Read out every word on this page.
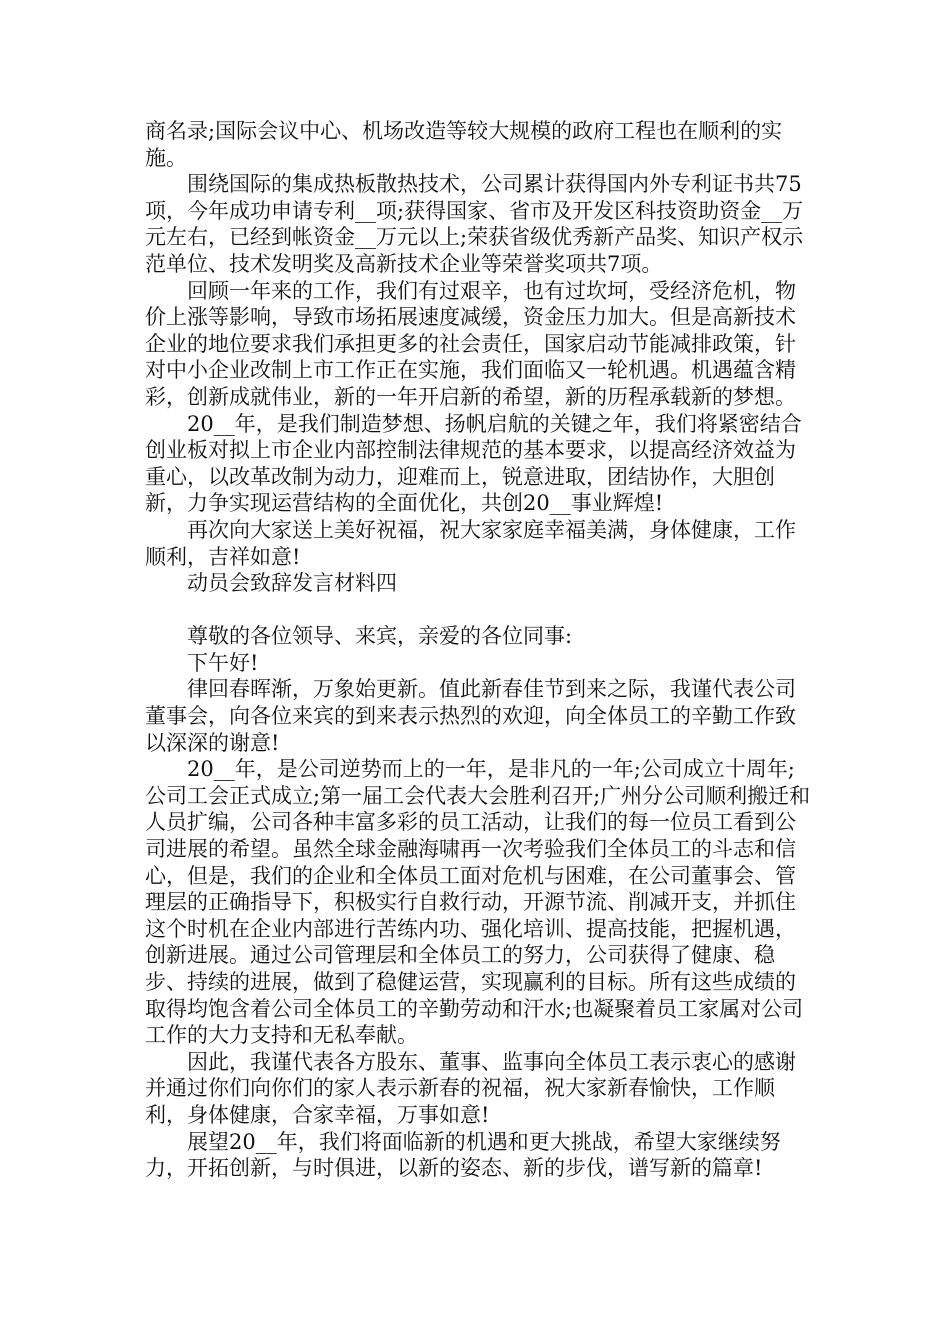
商名录;国际会议中心、机场改造等较大规模的政府工程也在顺利的实施。

围绕国际的集成热板散热技术，公司累计获得国内外专利证书共75项，今年成功申请专利__项;获得国家、省市及开发区科技资助资金__万元左右，已经到帐资金__万元以上;荣获省级优秀新产品奖、知识产权示范单位、技术发明奖及高新技术企业等荣誉奖项共7项。

回顾一年来的工作，我们有过艰辛，也有过坎坷，受经济危机，物价上涨等影响，导致市场拓展速度减缓，资金压力加大。但是高新技术企业的地位要求我们承担更多的社会责任，国家启动节能减排政策，针对中小企业改制上市工作正在实施，我们面临又一轮机遇。机遇蕴含精彩，创新成就伟业，新的一年开启新的希望，新的历程承载新的梦想。

20__年，是我们制造梦想、扬帆启航的关键之年，我们将紧密结合创业板对拟上市企业内部控制法律规范的基本要求，以提高经济效益为重心，以改革改制为动力，迎难而上，锐意进取，团结协作，大胆创新，力争实现运营结构的全面优化，共创20__事业辉煌!

再次向大家送上美好祝福，祝大家家庭幸福美满，身体健康，工作顺利，吉祥如意!

动员会致辞发言材料四

尊敬的各位领导、来宾，亲爱的各位同事:

下午好!

律回春晖渐，万象始更新。值此新春佳节到来之际，我谨代表公司董事会，向各位来宾的到来表示热烈的欢迎，向全体员工的辛勤工作致以深深的谢意!

20__年，是公司逆势而上的一年，是非凡的一年;公司成立十周年;公司工会正式成立;第一届工会代表大会胜利召开;广州分公司顺利搬迁和人员扩编，公司各种丰富多彩的员工活动，让我们的每一位员工看到公司进展的希望。虽然全球金融海啸再一次考验我们全体员工的斗志和信心，但是，我们的企业和全体员工面对危机与困难，在公司董事会、管理层的正确指导下，积极实行自救行动，开源节流、削减开支，并抓住这个时机在企业内部进行苦练内功、强化培训、提高技能，把握机遇，创新进展。通过公司管理层和全体员工的努力，公司获得了健康、稳步、持续的进展，做到了稳健运营，实现赢利的目标。所有这些成绩的取得均饱含着公司全体员工的辛勤劳动和汗水;也凝聚着员工家属对公司工作的大力支持和无私奉献。

因此，我谨代表各方股东、董事、监事向全体员工表示衷心的感谢并通过你们向你们的家人表示新春的祝福，祝大家新春愉快，工作顺利，身体健康，合家幸福，万事如意!

展望20__年，我们将面临新的机遇和更大挑战，希望大家继续努力，开拓创新，与时俱进，以新的姿态、新的步伐，谱写新的篇章!
